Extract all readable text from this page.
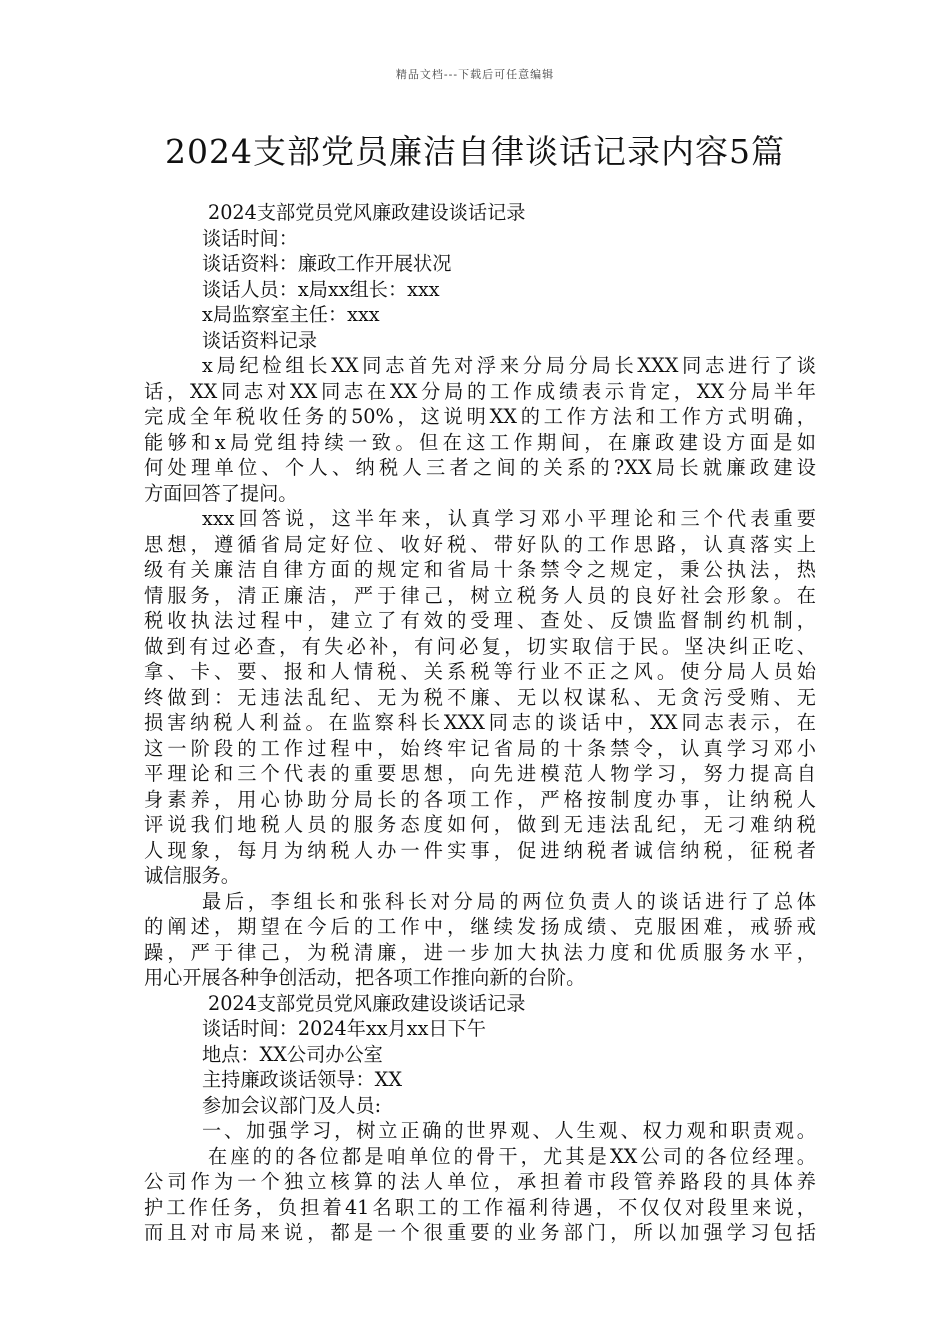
精品文档---下载后可任意编辑
2024支部党员廉洁自律谈话记录内容5篇
2024支部党员党风廉政建设谈话记录
谈话时间：
谈话资料：廉政工作开展状况
谈话人员：x局xx组长：xxx
x局监察室主任：xxx
谈话资料记录
x局纪检组长XX同志首先对浮来分局分局长XXX同志进行了谈
话，XX同志对XX同志在XX分局的工作成绩表示肯定，XX分局半年
完成全年税收任务的50%，这说明XX的工作方法和工作方式明确，
能够和x局党组持续一致。但在这工作期间，在廉政建设方面是如
何处理单位、个人、纳税人三者之间的关系的?XX局长就廉政建设
方面回答了提问。
xxx回答说，这半年来，认真学习邓小平理论和三个代表重要
思想，遵循省局定好位、收好税、带好队的工作思路，认真落实上
级有关廉洁自律方面的规定和省局十条禁令之规定，秉公执法，热
情服务，清正廉洁，严于律己，树立税务人员的良好社会形象。在
税收执法过程中，建立了有效的受理、查处、反馈监督制约机制，
做到有过必查，有失必补，有问必复，切实取信于民。坚决纠正吃、
拿、卡、要、报和人情税、关系税等行业不正之风。使分局人员始
终做到：无违法乱纪、无为税不廉、无以权谋私、无贪污受贿、无
损害纳税人利益。在监察科长XXX同志的谈话中，XX同志表示，在
这一阶段的工作过程中，始终牢记省局的十条禁令，认真学习邓小
平理论和三个代表的重要思想，向先进模范人物学习，努力提高自
身素养，用心协助分局长的各项工作，严格按制度办事，让纳税人
评说我们地税人员的服务态度如何，做到无违法乱纪，无刁难纳税
人现象，每月为纳税人办一件实事，促进纳税者诚信纳税，征税者
诚信服务。
最后，李组长和张科长对分局的两位负责人的谈话进行了总体
的阐述，期望在今后的工作中，继续发扬成绩、克服困难，戒骄戒
躁，严于律己，为税清廉，进一步加大执法力度和优质服务水平，
用心开展各种争创活动，把各项工作推向新的台阶。
2024支部党员党风廉政建设谈话记录
谈话时间：2024年xx月xx日下午
地点：XX公司办公室
主持廉政谈话领导：XX
参加会议部门及人员:
一、加强学习，树立正确的世界观、人生观、权力观和职责观。
在座的的各位都是咱单位的骨干，尤其是XX公司的各位经理。
公司作为一个独立核算的法人单位，承担着市段管养路段的具体养
护工作任务，负担着41名职工的工作福利待遇，不仅仅对段里来说，
而且对市局来说，都是一个很重要的业务部门，所以加强学习包括
